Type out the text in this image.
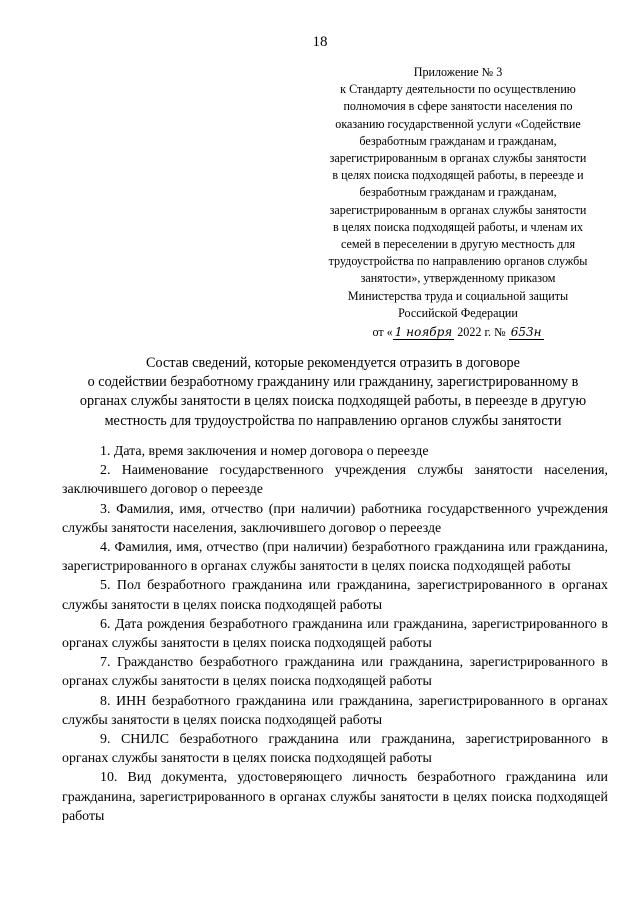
18
Приложение № 3
к Стандарту деятельности по осуществлению
полномочия в сфере занятости населения по
оказанию государственной услуги «Содействие
безработным гражданам и гражданам,
зарегистрированным в органах службы занятости
в целях поиска подходящей работы, в переезде и
безработным гражданам и гражданам,
зарегистрированным в органах службы занятости
в целях поиска подходящей работы, и членам их
семей в переселении в другую местность для
трудоустройства по направлению органов службы
занятости», утвержденному приказом
Министерства труда и социальной защиты
Российской Федерации
от « 1 ноября 2022 г. № 653н
Состав сведений, которые рекомендуется отразить в договоре
о содействии безработному гражданину или гражданину, зарегистрированному в
органах службы занятости в целях поиска подходящей работы, в переезде в другую
местность для трудоустройства по направлению органов службы занятости

1. Дата, время заключения и номер договора о переезде

2. Наименование государственного учреждения службы занятости населения, заключившего договор о переезде

3. Фамилия, имя, отчество (при наличии) работника государственного учреждения службы занятости населения, заключившего договор о переезде

4. Фамилия, имя, отчество (при наличии) безработного гражданина или гражданина, зарегистрированного в органах службы занятости в целях поиска подходящей работы

5. Пол безработного гражданина или гражданина, зарегистрированного в органах службы занятости в целях поиска подходящей работы

6. Дата рождения безработного гражданина или гражданина, зарегистрированного в органах службы занятости в целях поиска подходящей работы

7. Гражданство безработного гражданина или гражданина, зарегистрированного в органах службы занятости в целях поиска подходящей работы

8. ИНН безработного гражданина или гражданина, зарегистрированного в органах службы занятости в целях поиска подходящей работы

9. СНИЛС безработного гражданина или гражданина, зарегистрированного в органах службы занятости в целях поиска подходящей работы

10. Вид документа, удостоверяющего личность безработного гражданина или гражданина, зарегистрированного в органах службы занятости в целях поиска подходящей работы
